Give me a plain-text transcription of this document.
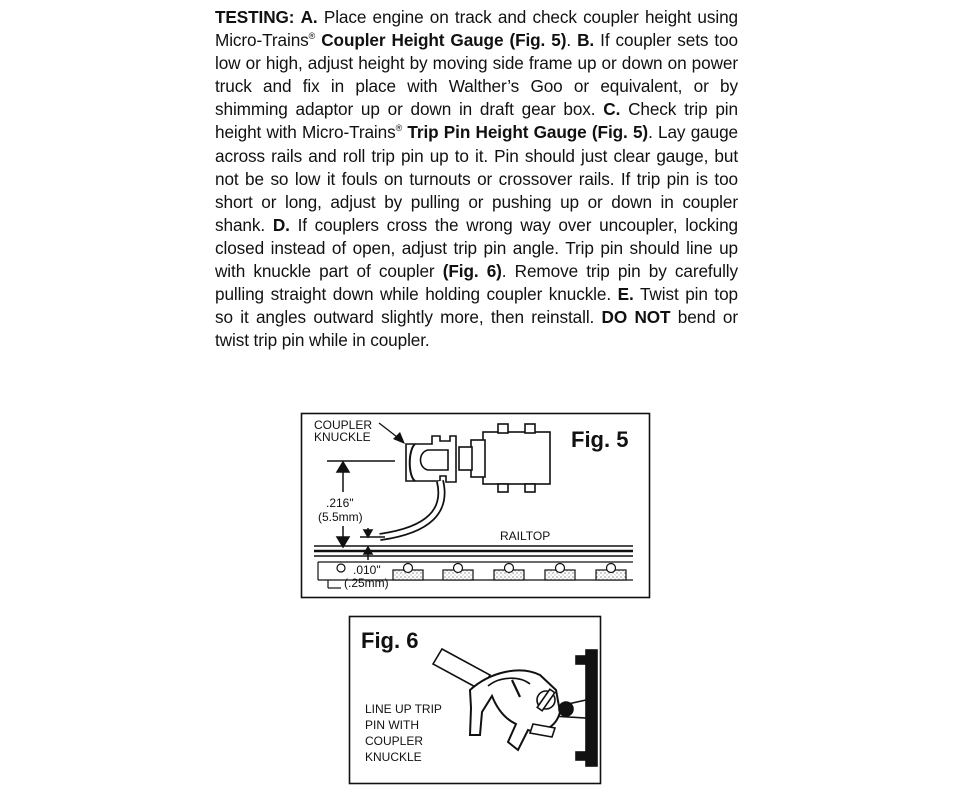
TESTING: A. Place engine on track and check coupler height using Micro-Trains® Coupler Height Gauge (Fig. 5). B. If coupler sets too low or high, adjust height by moving side frame up or down on power truck and fix in place with Walther’s Goo or equivalent, or by shimming adaptor up or down in draft gear box. C. Check trip pin height with Micro-Trains® Trip Pin Height Gauge (Fig. 5). Lay gauge across rails and roll trip pin up to it. Pin should just clear gauge, but not be so low it fouls on turnouts or crossover rails. If trip pin is too short or long, adjust by pulling or pushing up or down in coupler shank. D. If couplers cross the wrong way over uncoupler, locking closed instead of open, adjust trip pin angle. Trip pin should line up with knuckle part of coupler (Fig. 6). Remove trip pin by carefully pulling straight down while holding coupler knuckle. E. Twist pin top so it angles outward slightly more, then reinstall. DO NOT bend or twist trip pin while in coupler.
Fig. 5
COUPLER
KNUCKLE
.216"
(5.5mm)
RAILTOP
.010"
(.25mm)
Fig. 6
LINE UP TRIP
PIN WITH
COUPLER
KNUCKLE
